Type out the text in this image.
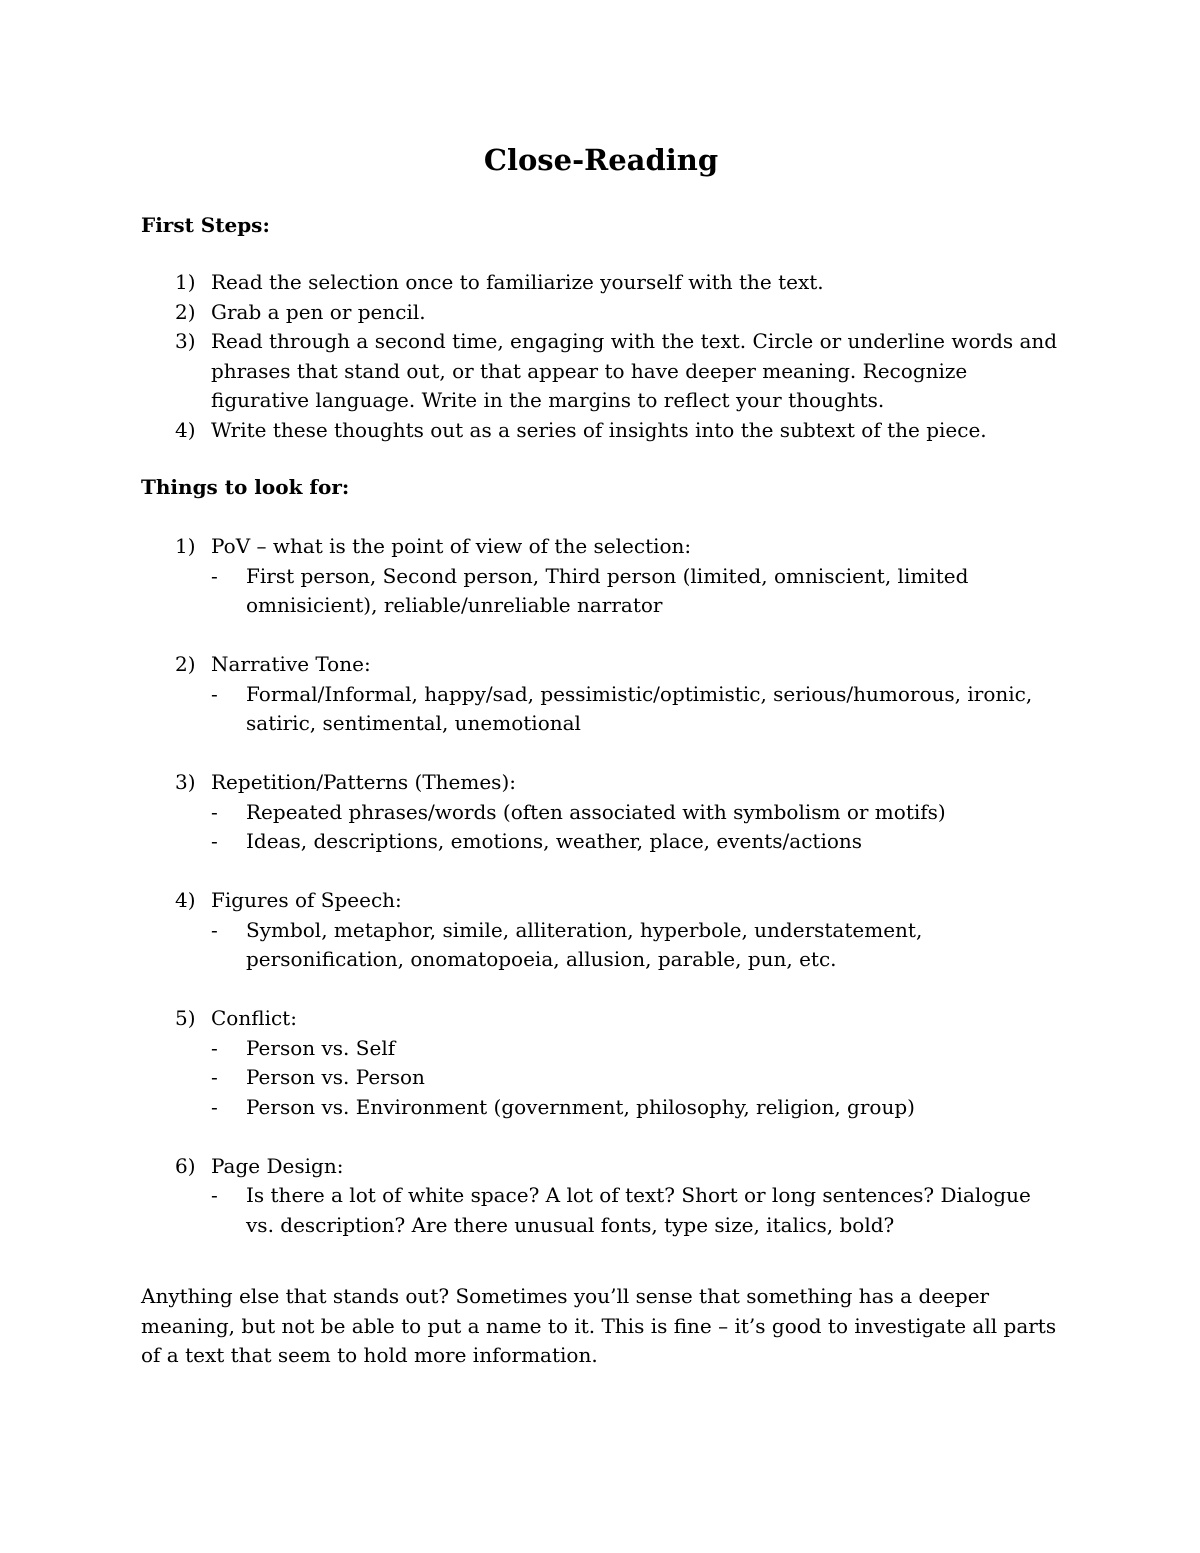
Close-Reading
First Steps:
1) Read the selection once to familiarize yourself with the text.
2) Grab a pen or pencil.
3) Read through a second time, engaging with the text. Circle or underline words and phrases that stand out, or that appear to have deeper meaning. Recognize figurative language. Write in the margins to reflect your thoughts.
4) Write these thoughts out as a series of insights into the subtext of the piece.
Things to look for:
1) PoV – what is the point of view of the selection:
- First person, Second person, Third person (limited, omniscient, limited omnisicient), reliable/unreliable narrator
2) Narrative Tone:
- Formal/Informal, happy/sad, pessimistic/optimistic, serious/humorous, ironic, satiric, sentimental, unemotional
3) Repetition/Patterns (Themes):
- Repeated phrases/words (often associated with symbolism or motifs)
- Ideas, descriptions, emotions, weather, place, events/actions
4) Figures of Speech:
- Symbol, metaphor, simile, alliteration, hyperbole, understatement, personification, onomatopoeia, allusion, parable, pun, etc.
5) Conflict:
- Person vs. Self
- Person vs. Person
- Person vs. Environment (government, philosophy, religion, group)
6) Page Design:
- Is there a lot of white space? A lot of text? Short or long sentences? Dialogue vs. description? Are there unusual fonts, type size, italics, bold?

Anything else that stands out? Sometimes you’ll sense that something has a deeper meaning, but not be able to put a name to it. This is fine – it’s good to investigate all parts of a text that seem to hold more information.
